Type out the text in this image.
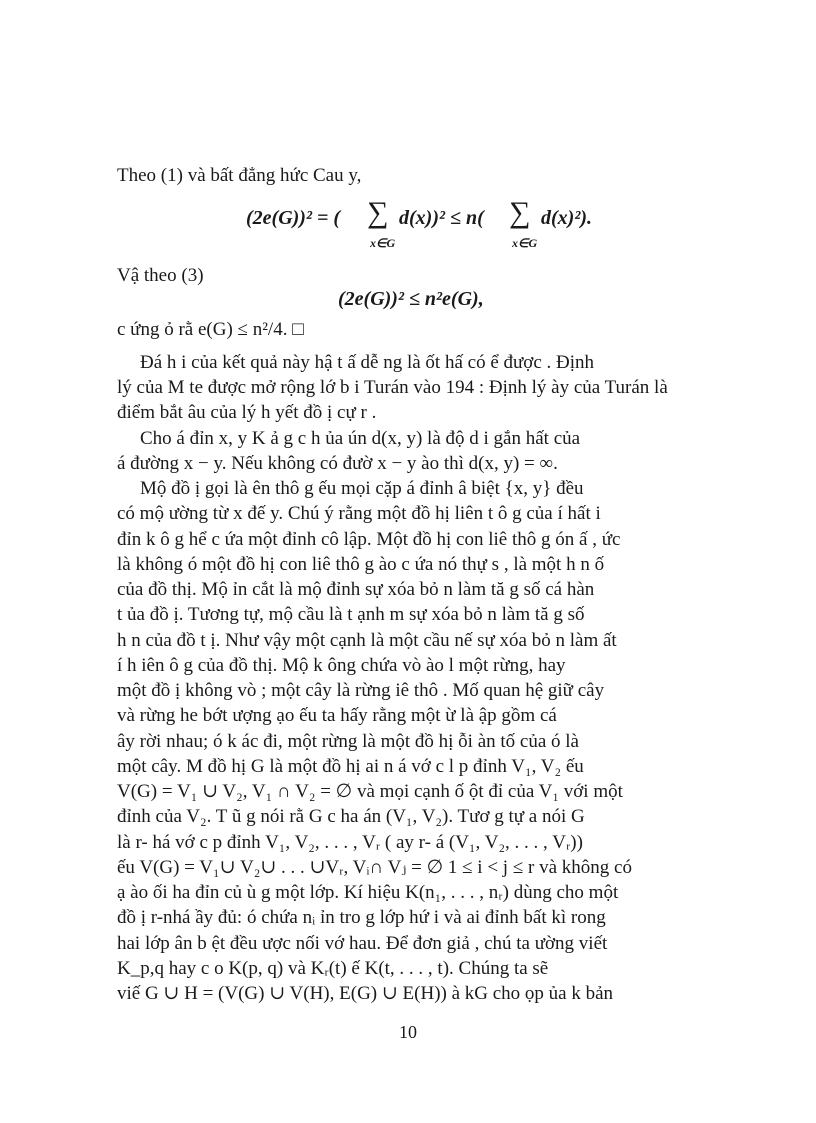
Theo (1) và bất đẳng hức Cau y,
(2e(G))² = ( ∑
x∈G
d(x))² ≤ n( ∑
x∈G
d(x)²).
Vậ theo (3)
(2e(G))² ≤ n²e(G),
c ứng ỏ rằ e(G) ≤ n²/4. □
Đá h i của kết quả này hậ t ấ dễ ng là ốt hấ có ể được . Định
lý của M te được mở rộng lớ b i Turán vào 194 : Định lý ày của Turán là
điểm bắt âu của lý h yết đồ ị cự r .
Cho á đỉn x, y K ả g c h ủa ún d(x, y) là độ d i gắn hất của
á đường x − y. Nếu không có đườ x − y ào thì d(x, y) = ∞.
Mộ đồ ị gọi là ên thô g ếu mọi cặp á đỉnh â biệt {x, y} đều
có mộ ường từ x đế y. Chú ý rằng một đồ hị liên t ô g của í hất i
đỉn k ô g hể c ứa một đỉnh cô lập. Một đồ hị con liê thô g ón ấ , ức
là không ó một đồ hị con liê thô g ào c ứa nó thự s , là một h n ố
của đồ thị. Mộ ỉn cắt là mộ đỉnh sự xóa bỏ n làm tă g số cá hàn
t ủa đồ ị. Tương tự, mộ cầu là t ạnh m sự xóa bỏ n làm tă g số
h n của đồ t ị. Như vậy một cạnh là một cầu nế sự xóa bỏ n làm ất
í h iên ô g của đồ thị. Mộ k ông chứa vò ào l một rừng, hay
một đồ ị không vò ; một cây là rừng iê thô . Mố quan hệ giữ cây
và rừng he bớt ượng ạo ếu ta hấy rằng một ừ là ập gồm cá
ây rời nhau; ó k ác đi, một rừng là một đồ hị ỗi àn tố của ó là
một cây. M đồ hị G là một đồ hị ai n á vớ c l p đỉnh V₁, V₂ ếu
V(G) = V₁ ∪ V₂, V₁ ∩ V₂ = ∅ và mọi cạnh ố ột đỉ của V₁ với một
đỉnh của V₂. T ũ g nói rằ G c ha án (V₁, V₂). Tươ g tự a nói G
là r- há vớ c p đỉnh V₁, V₂, . . . , Vᵣ ( ay r- á (V₁, V₂, . . . , Vᵣ))
ếu V(G) = V₁∪ V₂∪ . . . ∪Vᵣ, Vᵢ∩ Vⱼ = ∅ 1 ≤ i < j ≤ r và không có
ạ ào ối ha đỉn củ ù g một lớp. Kí hiệu K(n₁, . . . , nᵣ) dùng cho một
đồ ị r-nhá ầy đủ: ó chứa nᵢ ỉn tro g lớp hứ i và ai đỉnh bất kì rong
hai lớp ân b ệt đều ược nối vớ hau. Để đơn giả , chú ta ường viết
K_p,q hay c o K(p, q) và Kᵣ(t) ế K(t, . . . , t). Chúng ta sẽ
viế G ∪ H = (V(G) ∪ V(H), E(G) ∪ E(H)) à kG cho ọp ủa k bản
10
